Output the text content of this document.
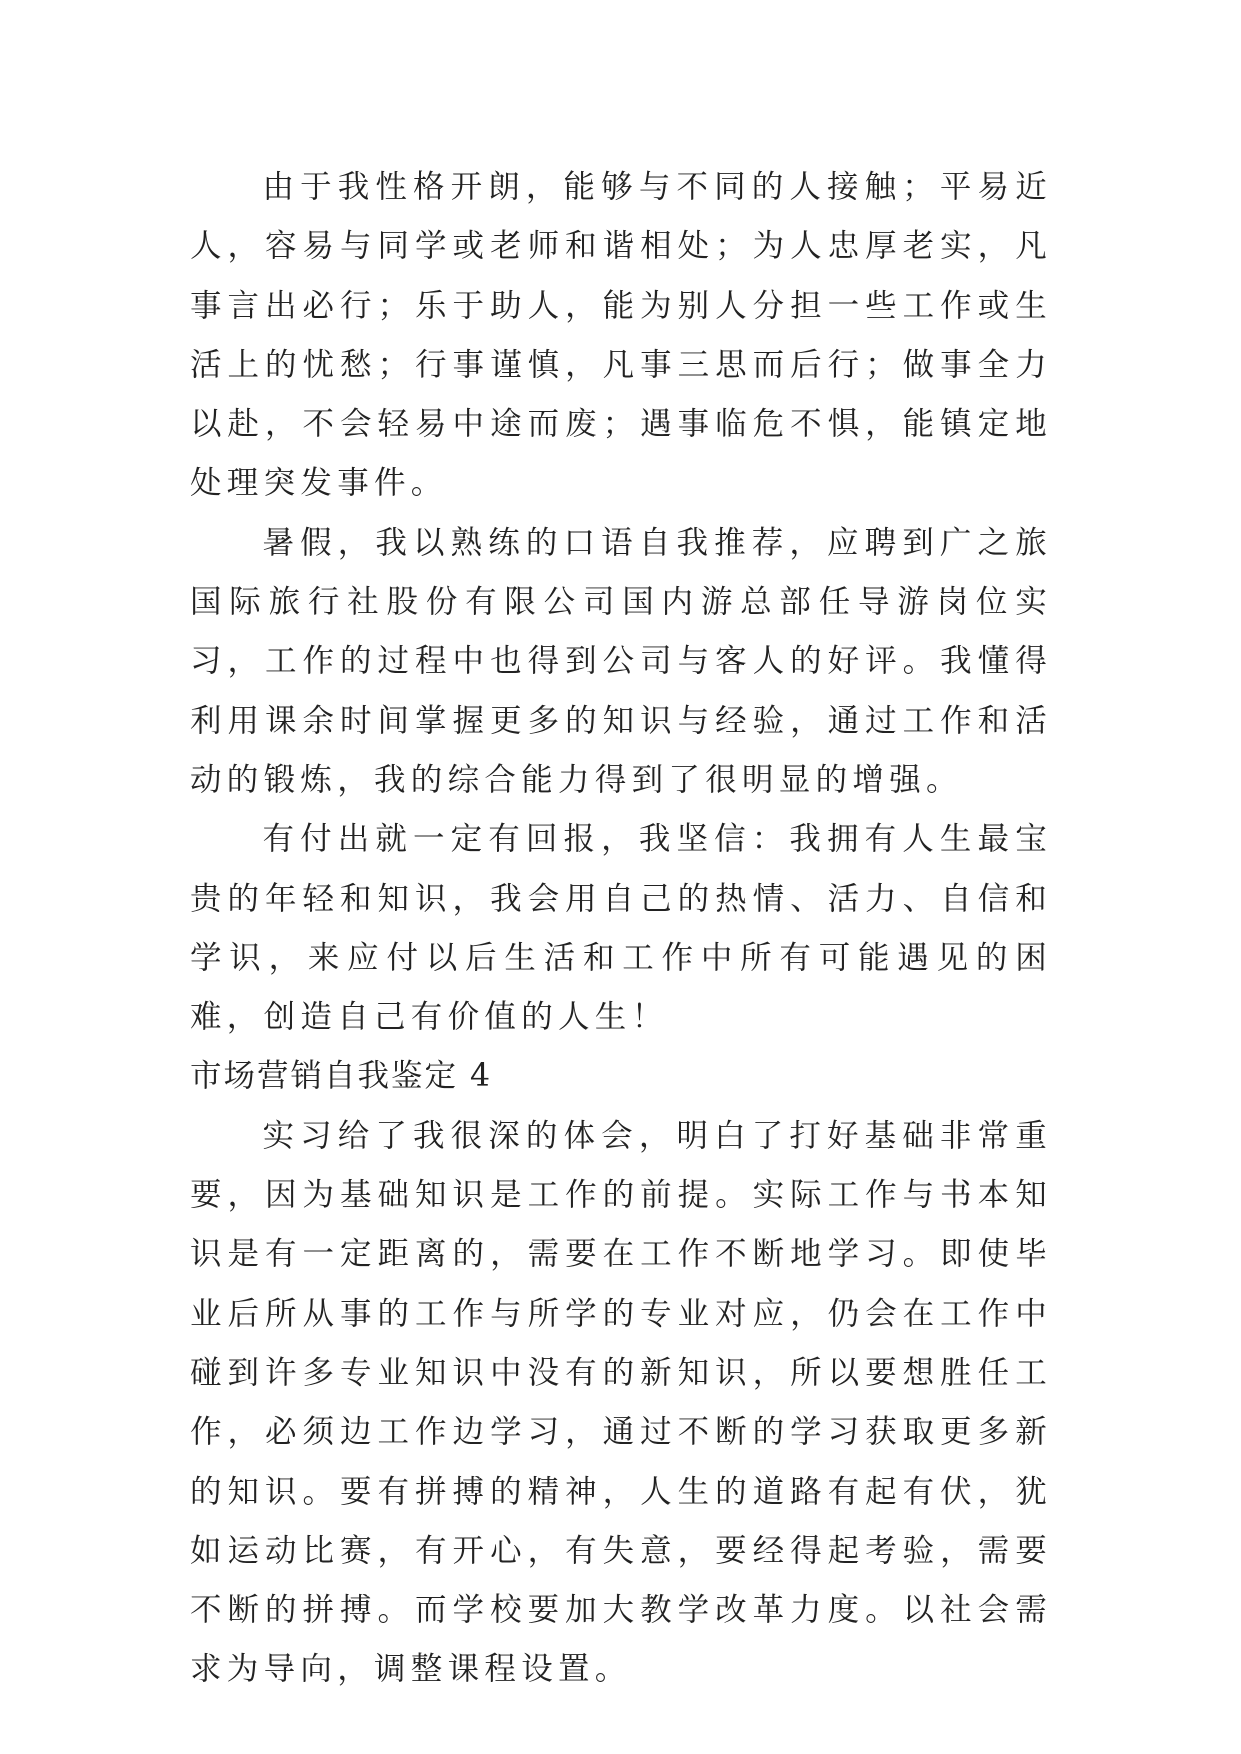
由于我性格开朗，能够与不同的人接触；平易近人，容易与同学或老师和谐相处；为人忠厚老实，凡事言出必行；乐于助人，能为别人分担一些工作或生活上的忧愁；行事谨慎，凡事三思而后行；做事全力以赴，不会轻易中途而废；遇事临危不惧，能镇定地处理突发事件。

暑假，我以熟练的口语自我推荐，应聘到广之旅国际旅行社股份有限公司国内游总部任导游岗位实习，工作的过程中也得到公司与客人的好评。我懂得利用课余时间掌握更多的知识与经验，通过工作和活动的锻炼，我的综合能力得到了很明显的增强。

有付出就一定有回报，我坚信：我拥有人生最宝贵的年轻和知识，我会用自己的热情、活力、自信和学识，来应付以后生活和工作中所有可能遇见的困难，创造自己有价值的人生！

市场营销自我鉴定 4

实习给了我很深的体会，明白了打好基础非常重要，因为基础知识是工作的前提。实际工作与书本知识是有一定距离的，需要在工作不断地学习。即使毕业后所从事的工作与所学的专业对应，仍会在工作中碰到许多专业知识中没有的新知识，所以要想胜任工作，必须边工作边学习，通过不断的学习获取更多新的知识。要有拼搏的精神，人生的道路有起有伏，犹如运动比赛，有开心，有失意，要经得起考验，需要不断的拼搏。而学校要加大教学改革力度。以社会需求为导向，调整课程设置。
